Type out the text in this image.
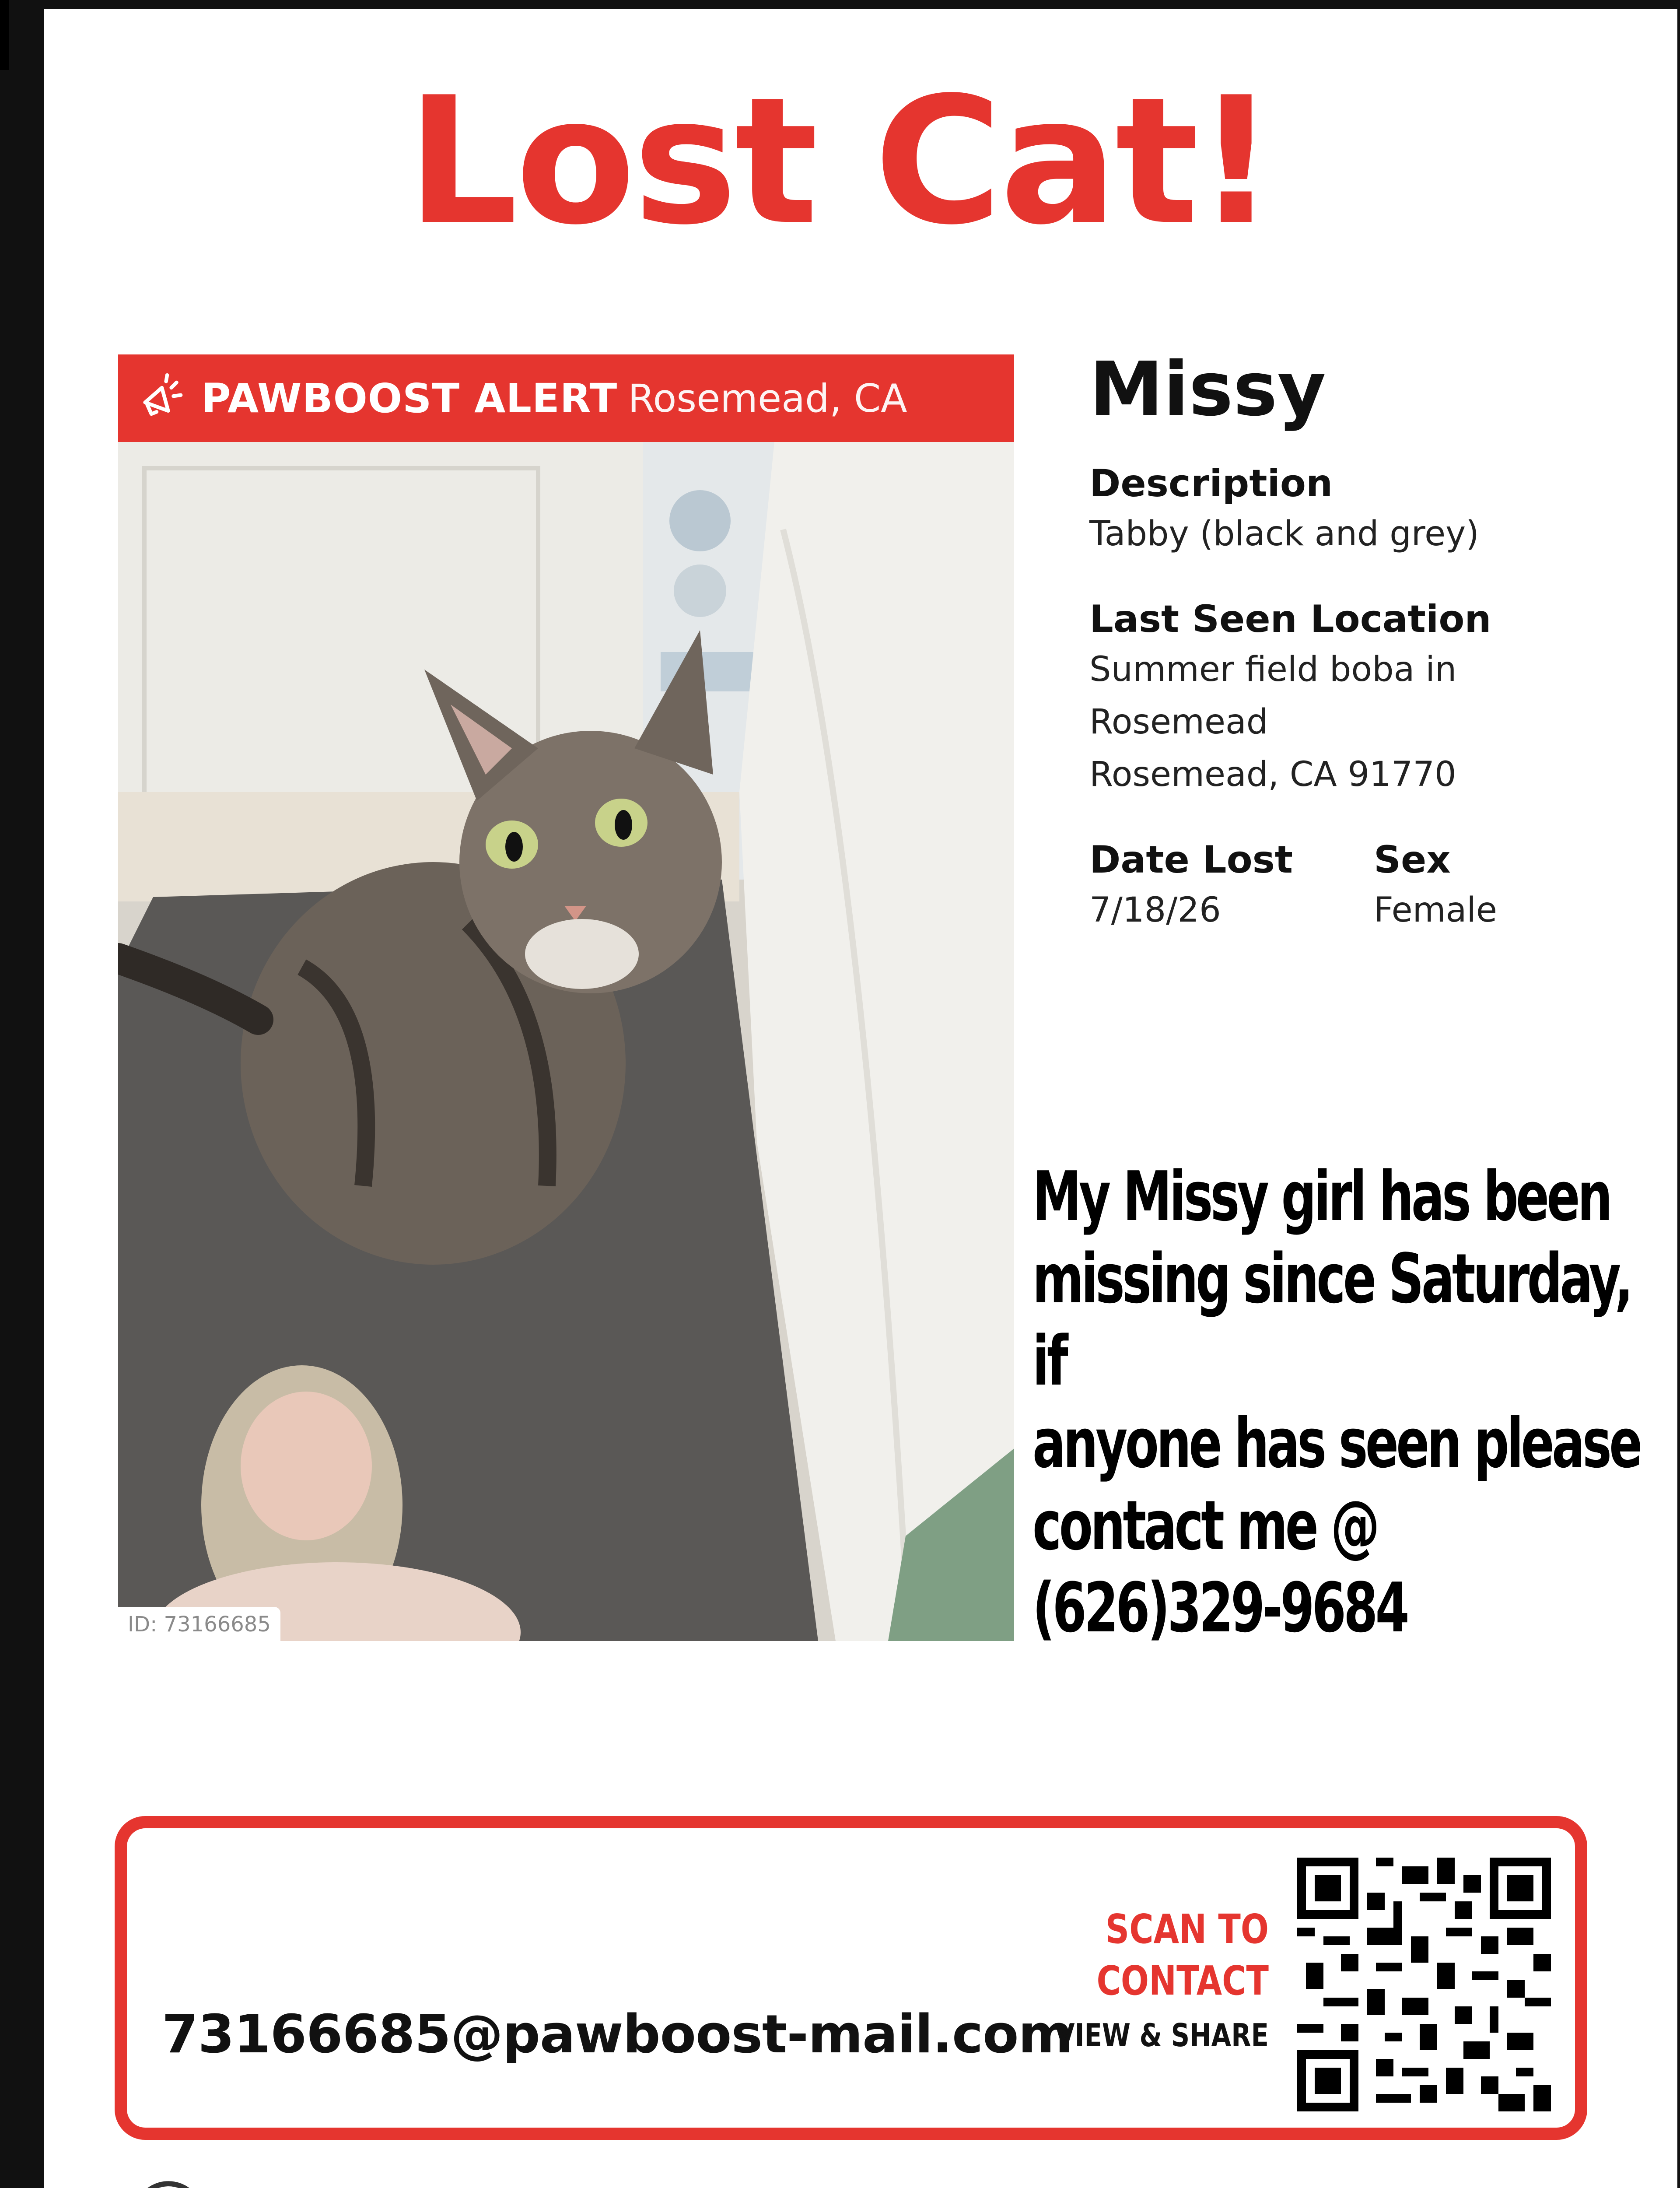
Lost Cat!
PAWBOOST ALERT Rosemead, CA
ID: 73166685
Missy
Description
Tabby (black and grey)
Last Seen Location
Summer field boba in Rosemead
Rosemead, CA 91770
Date Lost
7/18/26
Sex
Female
My Missy girl has been
missing since Saturday, if
anyone has seen please
contact me @
(626)329-9684
73166685@pawboost-mail.com
SCAN TO
CONTACT
VIEW & SHARE
